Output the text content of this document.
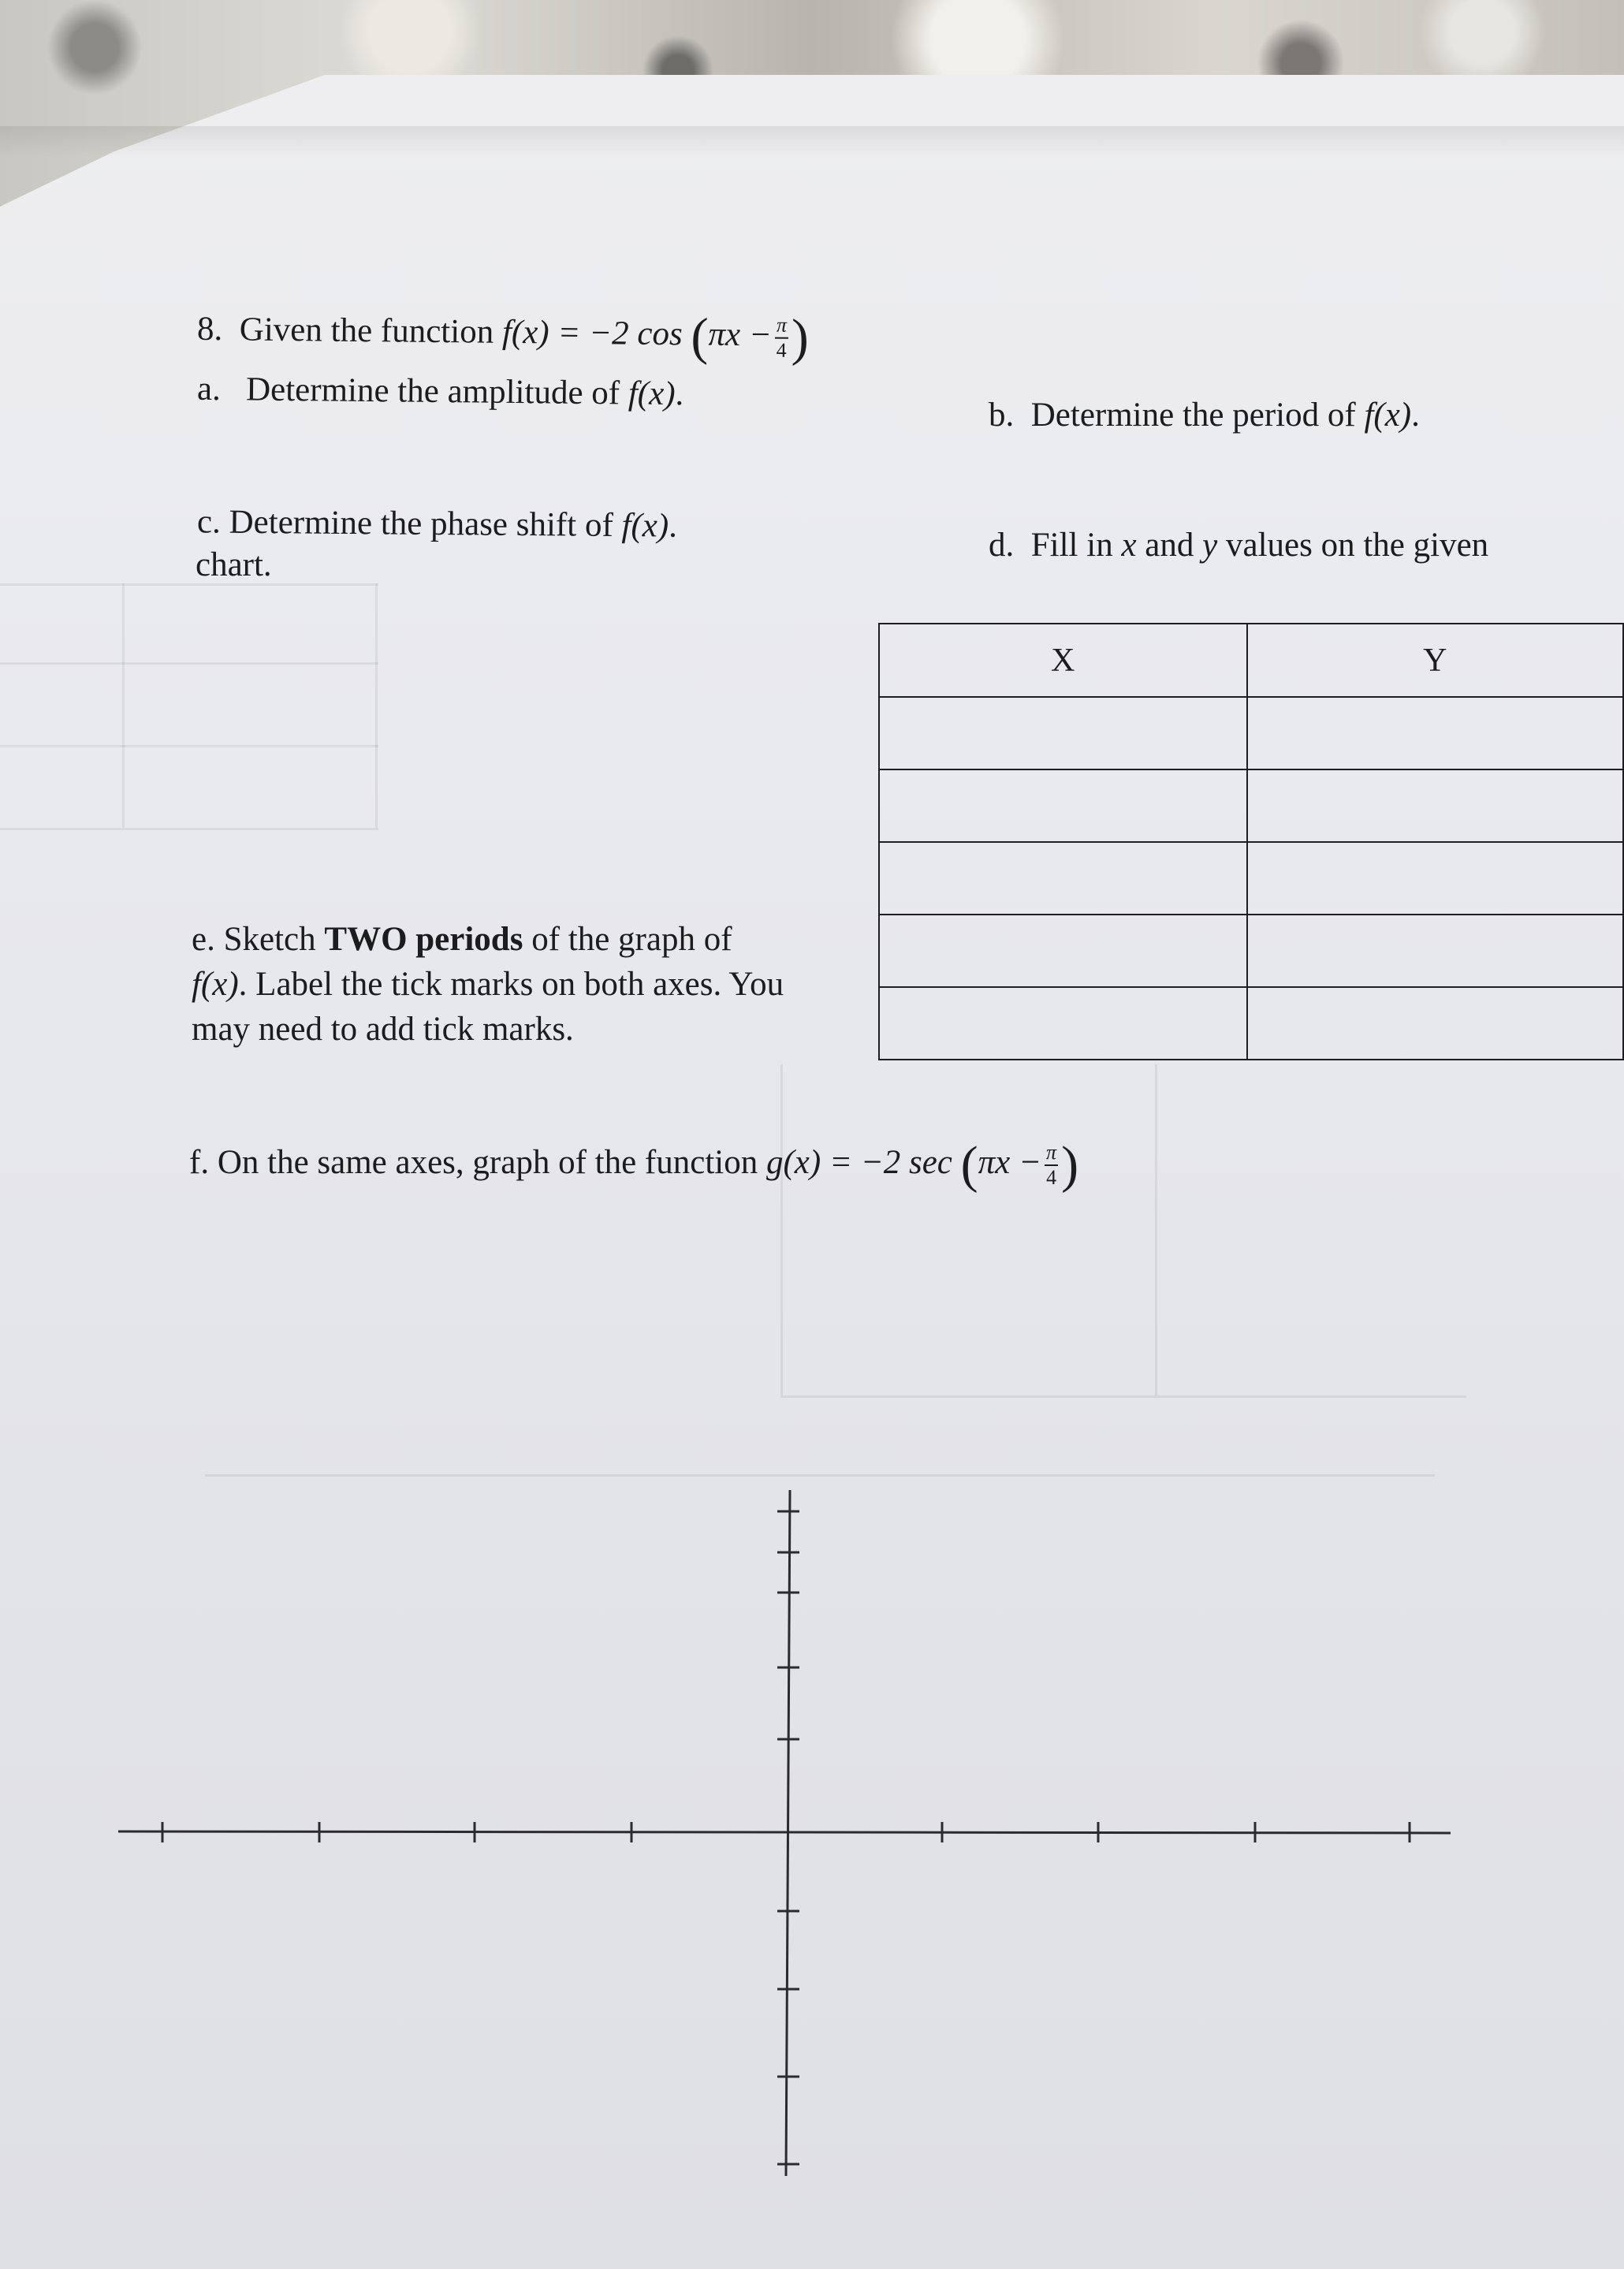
8. Given the function f(x) = −2 $\cos (\pi x - \frac{\pi}{4}$ )
a. Determine the amplitude of f(x).
b. Determine the period of f(x).
c. Determine the phase shift of f(x).
chart.
d. Fill in x and y values on the given
X	Y

e. Sketch TWO periods of the graph of
f(x). Label the tick marks on both axes. You
may need to add tick marks.
f. On the same axes, graph of the function g(x) = −2 $\sec (\pi x - \frac{\pi}{4}$ )
